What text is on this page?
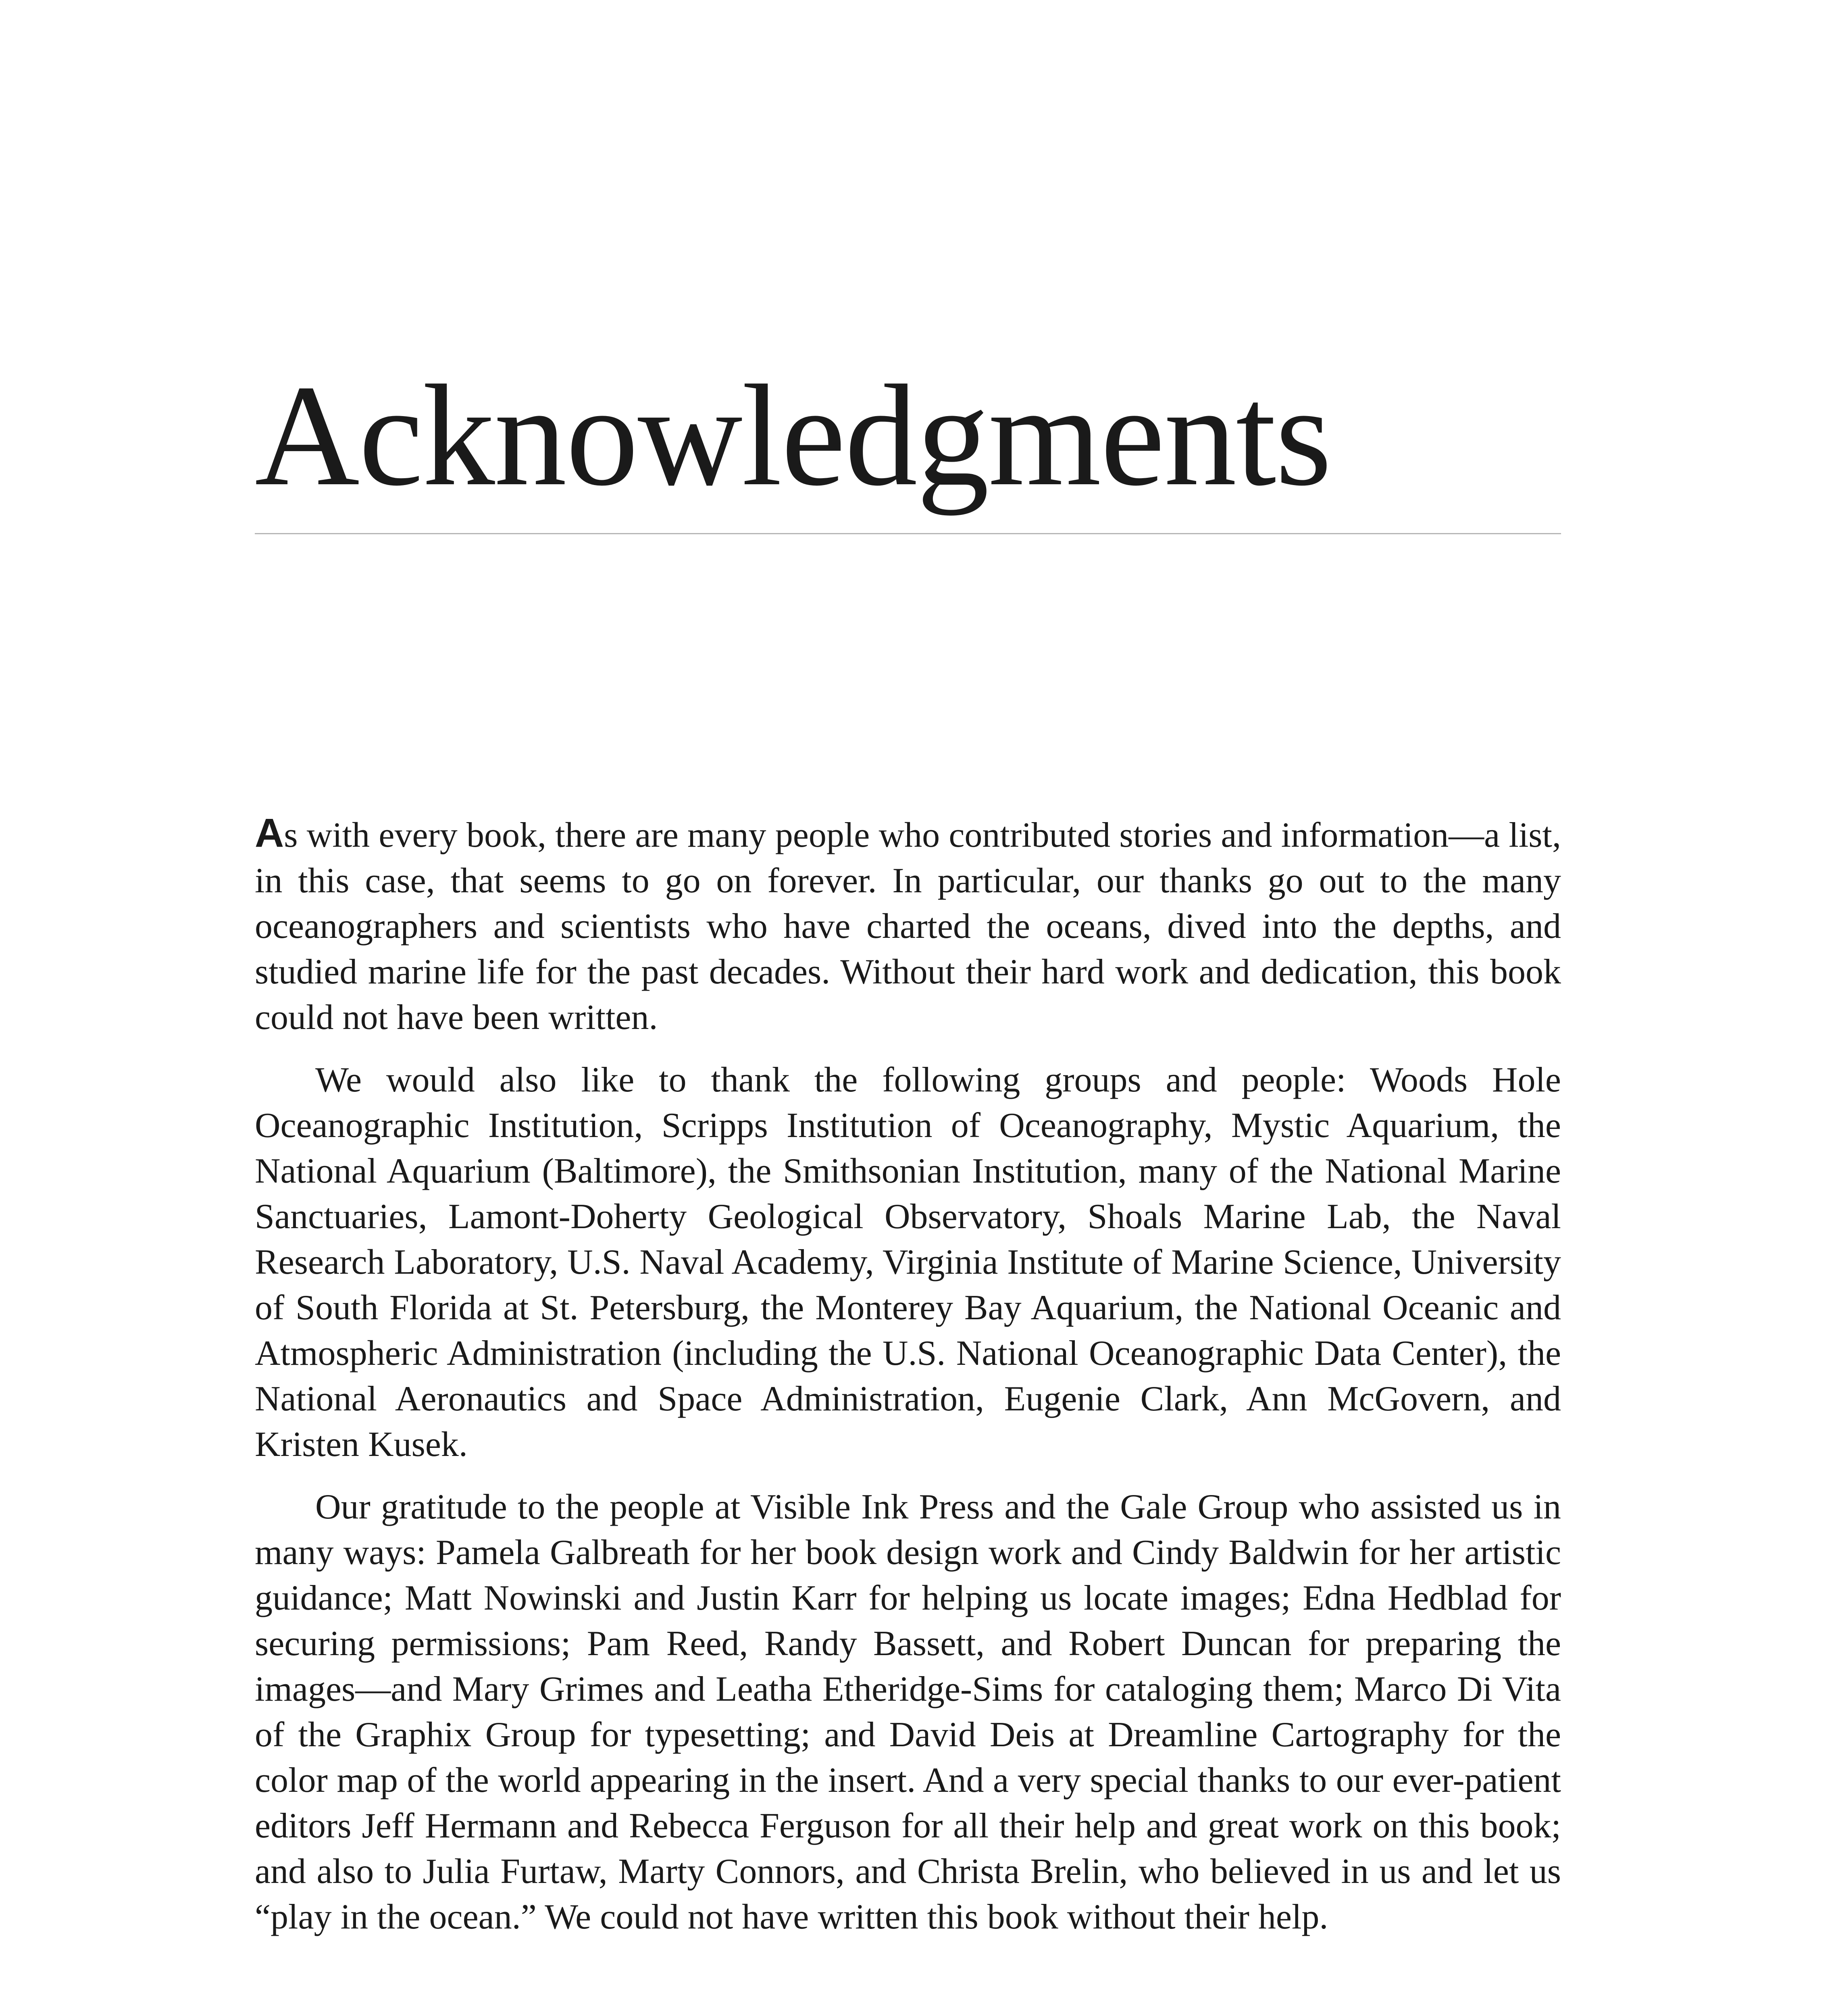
Acknowledgments

As with every book, there are many people who contributed stories and information—a list, in this case, that seems to go on forever. In particular, our thanks go out to the many oceanographers and scientists who have charted the oceans, dived into the depths, and studied marine life for the past decades. Without their hard work and dedication, this book could not have been written.

We would also like to thank the following groups and people: Woods Hole Oceanographic Institution, Scripps Institution of Oceanography, Mystic Aquarium, the National Aquarium (Baltimore), the Smithsonian Institution, many of the National Marine Sanctuaries, Lamont-Doherty Geological Observatory, Shoals Marine Lab, the Naval Research Laboratory, U.S. Naval Academy, Virginia Institute of Marine Science, University of South Florida at St. Petersburg, the Monterey Bay Aquarium, the National Oceanic and Atmospheric Administration (including the U.S. National Oceanographic Data Center), the National Aeronautics and Space Administration, Eugenie Clark, Ann McGovern, and Kristen Kusek.

Our gratitude to the people at Visible Ink Press and the Gale Group who assisted us in many ways: Pamela Galbreath for her book design work and Cindy Baldwin for her artistic guidance; Matt Nowinski and Justin Karr for helping us locate images; Edna Hedblad for securing permissions; Pam Reed, Randy Bassett, and Robert Duncan for preparing the images—and Mary Grimes and Leatha Etheridge-Sims for cataloging them; Marco Di Vita of the Graphix Group for typesetting; and David Deis at Dreamline Cartography for the color map of the world appearing in the insert. And a very special thanks to our ever-patient editors Jeff Hermann and Rebecca Ferguson for all their help and great work on this book; and also to Julia Furtaw, Marty Connors, and Christa Brelin, who believed in us and let us “play in the ocean.” We could not have written this book without their help.
